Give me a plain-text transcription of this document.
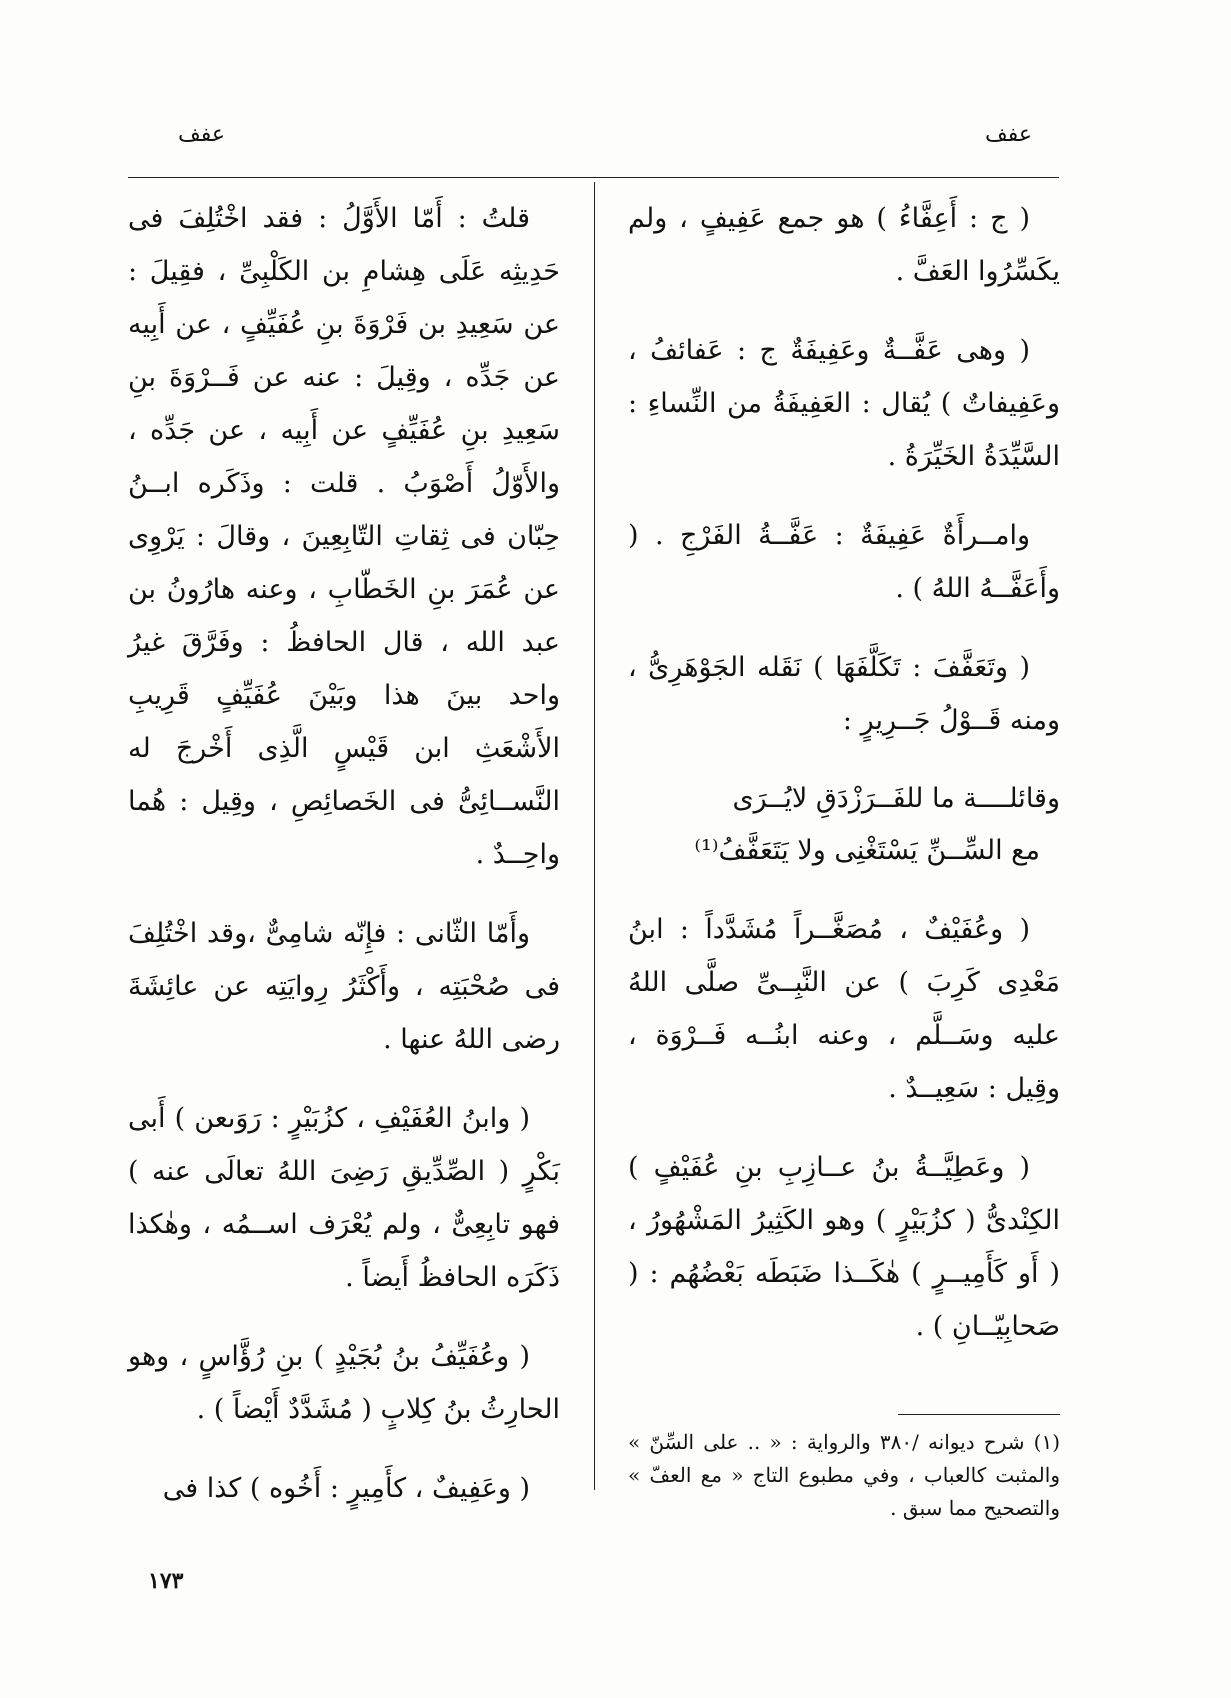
عفف	عفف

( ج : أَعِفَّاءُ ) هو جمع عَفِيفٍ ، ولم يكَسِّرُوا العَفَّ .

( وهى عَفَّــةٌ وعَفِيفَةٌ ج : عَفائفُ ، وعَفِيفاتٌ ) يُقال : العَفِيفَةُ من النِّساءِ : السَّيِّدَةُ الخَيِّرَةُ .

وامــرأَةٌ عَفِيفَةٌ : عَفَّــةُ الفَرْجِ . ( وأَعَفَّــهُ اللهُ ) .

( وتَعَفَّفَ : تَكَلَّفَهَا ) نَقَله الجَوْهَرِىُّ ، ومنه قَــوْلُ جَــرِيرٍ :

وقائلــــة ما للفَــرَزْدَقِ لايُــرَى

مع السِّــنِّ يَسْتَغْنِى ولا يَتَعَفَّفُ⁽¹⁾

( وعُفَيْفٌ ، مُصَغَّــراً مُشَدَّداً : ابنُ مَعْدِى كَرِبَ ) عن النَّبِــىِّ صلَّى اللهُ عليه وسَــلَّم ، وعنه ابنُــه فَــرْوَة ، وقِيل : سَعِيــدٌ .

( وعَطِيَّــةُ بنُ عــازِبِ بنِ عُفَيْفٍ ) الكِنْدىُّ ( كزُبَيْرٍ ) وهو الكَثِيرُ المَشْهُورُ ، ( أَو كَأَمِيــرٍ ) هٰكَــذا ضَبَطَه بَعْضُهُم : ( صَحابِيّــانِ ) .

قلتُ : أَمّا الأَوَّلُ : فقد اخْتُلِفَ فى حَدِيثِه عَلَى هِشامِ بن الكَلْبِىِّ ، فقِيلَ : عن سَعِيدِ بن فَرْوَةَ بنِ عُفَيِّفٍ ، عن أَبِيه عن جَدِّه ، وقِيلَ : عنه عن فَــرْوَةَ بنِ سَعِيدِ بنِ عُفَيِّفٍ عن أَبِيه ، عن جَدِّه ، والأَوّلُ أَصْوَبُ . قلت : وذَكَره ابــنُ حِبّان فى ثِقاتِ التّابِعِينَ ، وقالَ : يَرْوِى عن عُمَرَ بنِ الخَطّابِ ، وعنه هارُونُ بن عبد الله ، قال الحافظُ : وفَرَّقَ غيرُ واحد بينَ هذا وبَيْنَ عُفَيِّفٍ قَرِيبِ الأَشْعَثِ ابن قَيْسٍ الَّذِى أَخْرجَ له النَّســائِىُّ فى الخَصائِصِ ، وقِيل : هُما واحِــدٌ .

وأَمّا الثّانى : فإِنّه شامِىٌّ ،وقد اخْتُلِفَ فى صُحْبَتِه ، وأَكْثَرُ رِوايَتِه عن عائِشَةَ رضى اللهُ عنها .

( وابنُ العُفَيْفِ ، كزُبَيْرٍ : رَوَىعن ) أَبى بَكْرٍ ( الصِّدِّيقِ رَضِىَ اللهُ تعالَى عنه ) فهو تابِعِىٌّ ، ولم يُعْرَف اســمُه ، وهٰكذا ذَكَرَه الحافظُ أَيضاً .

( وعُفَيِّفُ بنُ بُجَيْدٍ ) بنِ رُؤَّاسٍ ، وهو الحارِثُ بنُ كِلابٍ ( مُشَدَّدٌ أَيْضاً ) .

( وعَفِيفٌ ، كأَمِيرٍ : أَخُوه ) كذا فى

(١) شرح ديوانه /٣٨٠ والرواية : « .. على السِّنّ » والمثبت كالعباب ، وفي مطبوع التاج « مع العفّ » والتصحيح مما سبق .
١٧٣
